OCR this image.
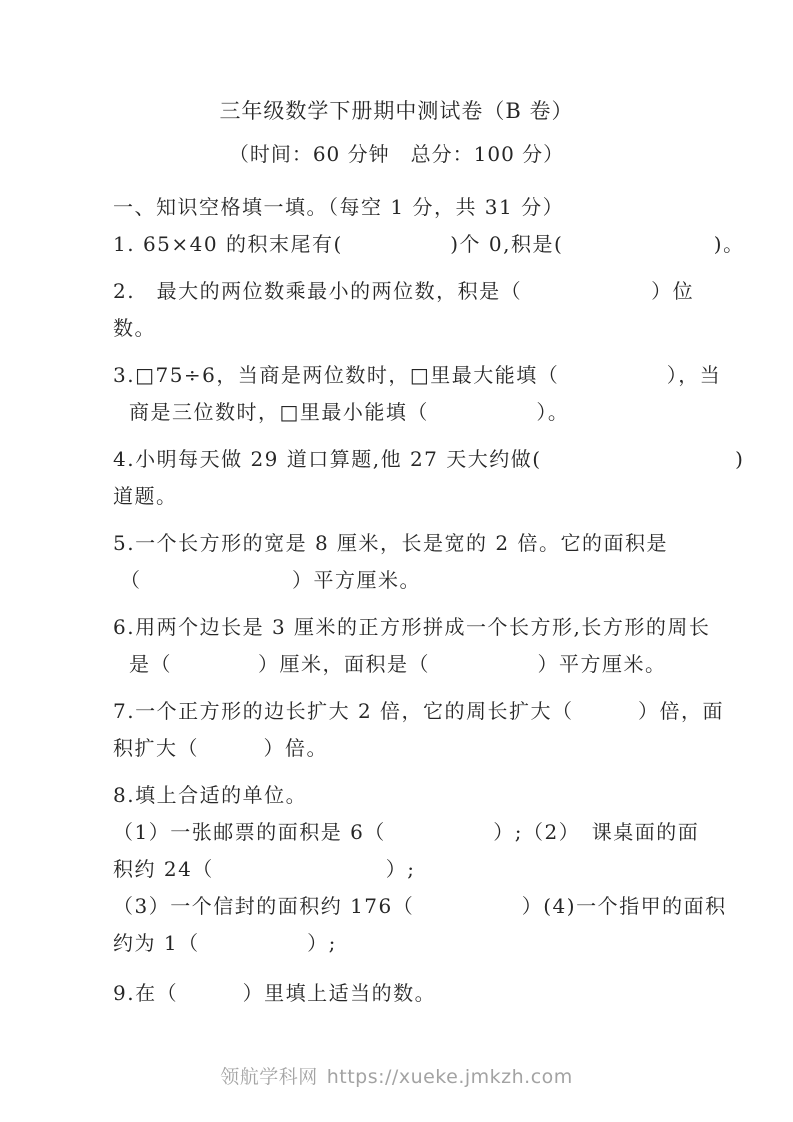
三年级数学下册期中测试卷（B 卷）
（时间：60 分钟　总分：100 分）
一、知识空格填一填。（每空 1 分，共 31 分）
1. 65×40 的积末尾有(　　　　　)个 0,积是(　　　　　　　)。
2.　最大的两位数乘最小的两位数，积是（　　　　　　）位
数。
3.□75÷6，当商是两位数时，□里最大能填（　　　　　），当
商是三位数时，□里最小能填（　　　　　）。
4.小明每天做 29 道口算题,他 27 天大约做(　　　　　　　　　)
道题。
5.一个长方形的宽是 8 厘米，长是宽的 2 倍。它的面积是
（　　　　　　　）平方厘米。
6.用两个边长是 3 厘米的正方形拼成一个长方形,长方形的周长
是（　　　　）厘米，面积是（　　　　　）平方厘米。
7.一个正方形的边长扩大 2 倍，它的周长扩大（　　　）倍，面
积扩大（　　　）倍。
8.填上合适的单位。
（1）一张邮票的面积是 6（　　　　　）;（2）　课桌面的面
积约 24（　　　　　　　　）;
（3）一个信封的面积约 176（　　　　　）(4)一个指甲的面积
约为 1（　　　　　）;
9.在（　　　）里填上适当的数。
领航学科网 https://xueke.jmkzh.com
